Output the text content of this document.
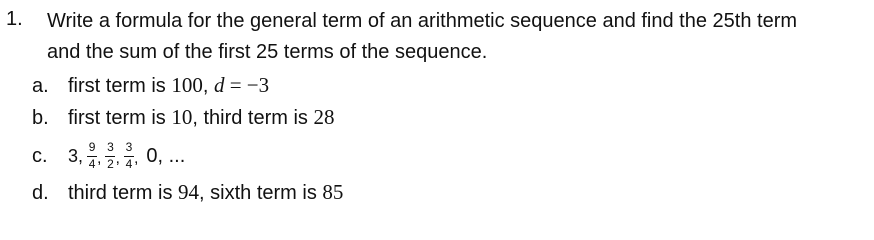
1. Write a formula for the general term of an arithmetic sequence and find the 25th term
and the sum of the first 25 terms of the sequence.
a. first term is 100, d = −3
b. first term is 10, third term is 28
c. 3, $\frac{9}{4}$ , $\frac{3}{2}$ , $\frac{3}{4}$ , 0, ...
d. third term is 94, sixth term is 85
